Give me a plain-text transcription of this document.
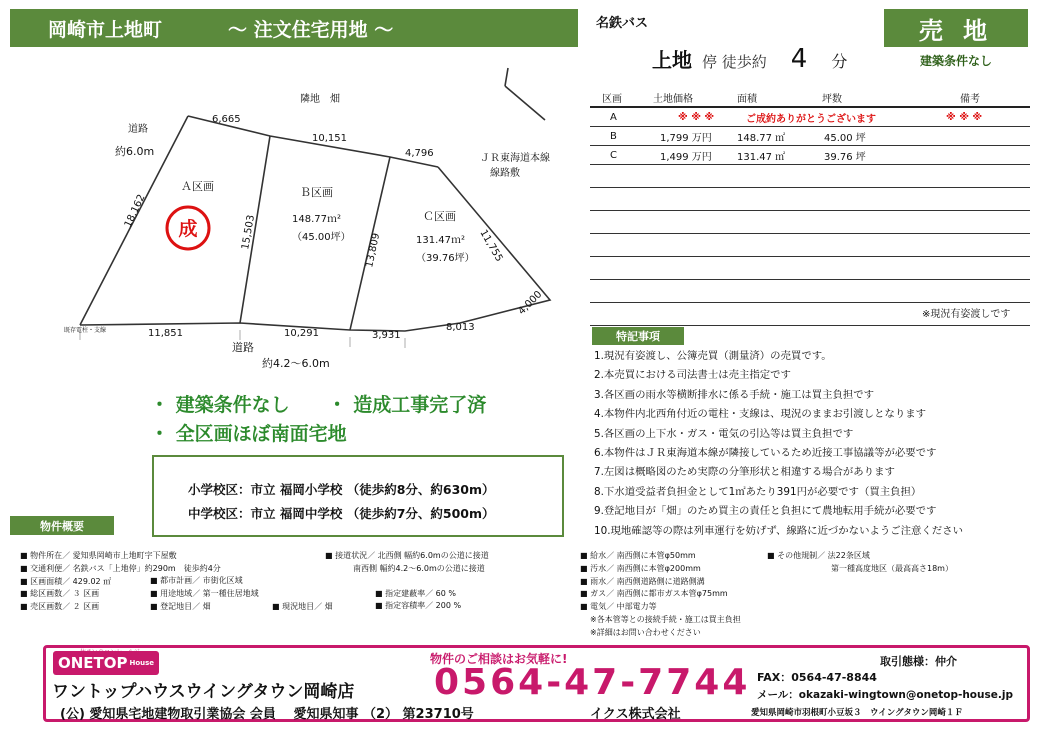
岡崎市上地町	～ 注文住宅用地 ～	名鉄バス
上地 停 徒歩約 4 分
売 地
建築条件なし
区画	土地価格	面積	坪数	備考
A	※ ※ ※	ご成約ありがとうございます		※ ※ ※
B	1,799 万円	148.77 ㎡	45.00 坪	
C	1,499 万円	131.47 ㎡	39.76 坪	

※現況有姿渡しです
特記事項
1.現況有姿渡し、公簿売買（測量済）の売買です。
2.本売買における司法書士は売主指定です
3.各区画の雨水等横断排水に係る手続・施工は買主負担です
4.本物件内北西角付近の電柱・支線は、現況のままお引渡しとなります
5.各区画の上下水・ガス・電気の引込等は買主負担です
6.本物件はＪＲ東海道本線が隣接しているため近接工事協議等が必要です
7.左図は概略図のため実際の分筆形状と相違する場合があります
8.下水道受益者負担金として1㎡あたり391円が必要です（買主負担）
9.登記地目が「畑」のため買主の責任と負担にて農地転用手続が必要です
10.現地確認等の際は列車運行を妨げず、線路に近づかないようご注意ください
成
隣地　畑
道路
約6.0m
ＪＲ東海道本線
線路敷
既存電柱・支線
道路
約4.2～6.0m
Ａ区画	Ｂ区画
148.77ｍ²
（45.00坪）
Ｃ区画
131.47ｍ²
（39.76坪）
6,665
10,151
4,796
11,755
4,000
8,013
3,931
10,291
11,851
18,162
15,503	13,809
・ 建築条件なし　　・ 造成工事完了済
・ 全区画ほぼ南面宅地
小学校区：市立 福岡小学校 （徒歩約8分、約630m）
中学校区：市立 福岡中学校 （徒歩約7分、約500m）
物件概要
■ 物件所在／ 愛知県岡崎市上地町字下屋敷
■ 交通利便／ 名鉄バス「上地停」約290m　徒歩約4分
■ 区画面積／ 429.02 ㎡
■ 総区画数／ ３ 区画
■ 売区画数／ ２ 区画
■ 都市計画／ 市街化区域
■ 用途地域／ 第一種住居地域
■ 登記地目／ 畑	■ 現況地目／ 畑
■ 接道状況／ 北西側 幅約6.0mの公道に接道
南西側 幅約4.2～6.0mの公道に接道
■ 指定建蔽率／ 60 %
■ 指定容積率／ 200 %
■ 給水／ 南西側に本管φ50mm
■ 汚水／ 南西側に本管φ200mm
■ 雨水／ 南西側道路側に道路側溝
■ ガス／ 南西側に都市ガス本管φ75mm
■ 電気／ 中部電力等
※各本管等との接続手続・施工は買主負担
※詳細はお問い合わせください
■ その他規制／ 法22条区域
第一種高度地区（最高高さ18m）
ONETOP House
ワントップハウスウイングタウン岡崎店
(公) 愛知県宅地建物取引業協会 会員　 愛知県知事 （2） 第23710号
物件のご相談はお気軽に!
0564-47-7744 FAX：0564-47-8844
メール：okazaki-wingtown@onetop-house.jp
取引態様：仲介
イクス株式会社	愛知県岡崎市羽根町小豆坂３　ウイングタウン岡崎１Ｆ
